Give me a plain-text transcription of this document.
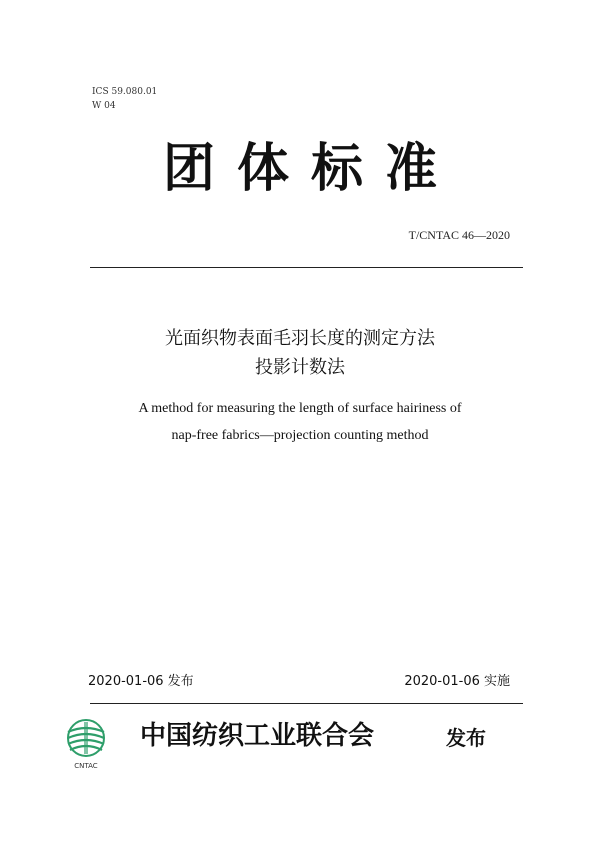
ICS 59.080.01
W 04
团体标准
T/CNTAC 46—2020
光面织物表面毛羽长度的测定方法
投影计数法
A method for measuring the length of surface hairiness of
nap-free fabrics—projection counting method
2020-01-06 发布	2020-01-06 实施
CNTAC
中国纺织工业联合会	发布
